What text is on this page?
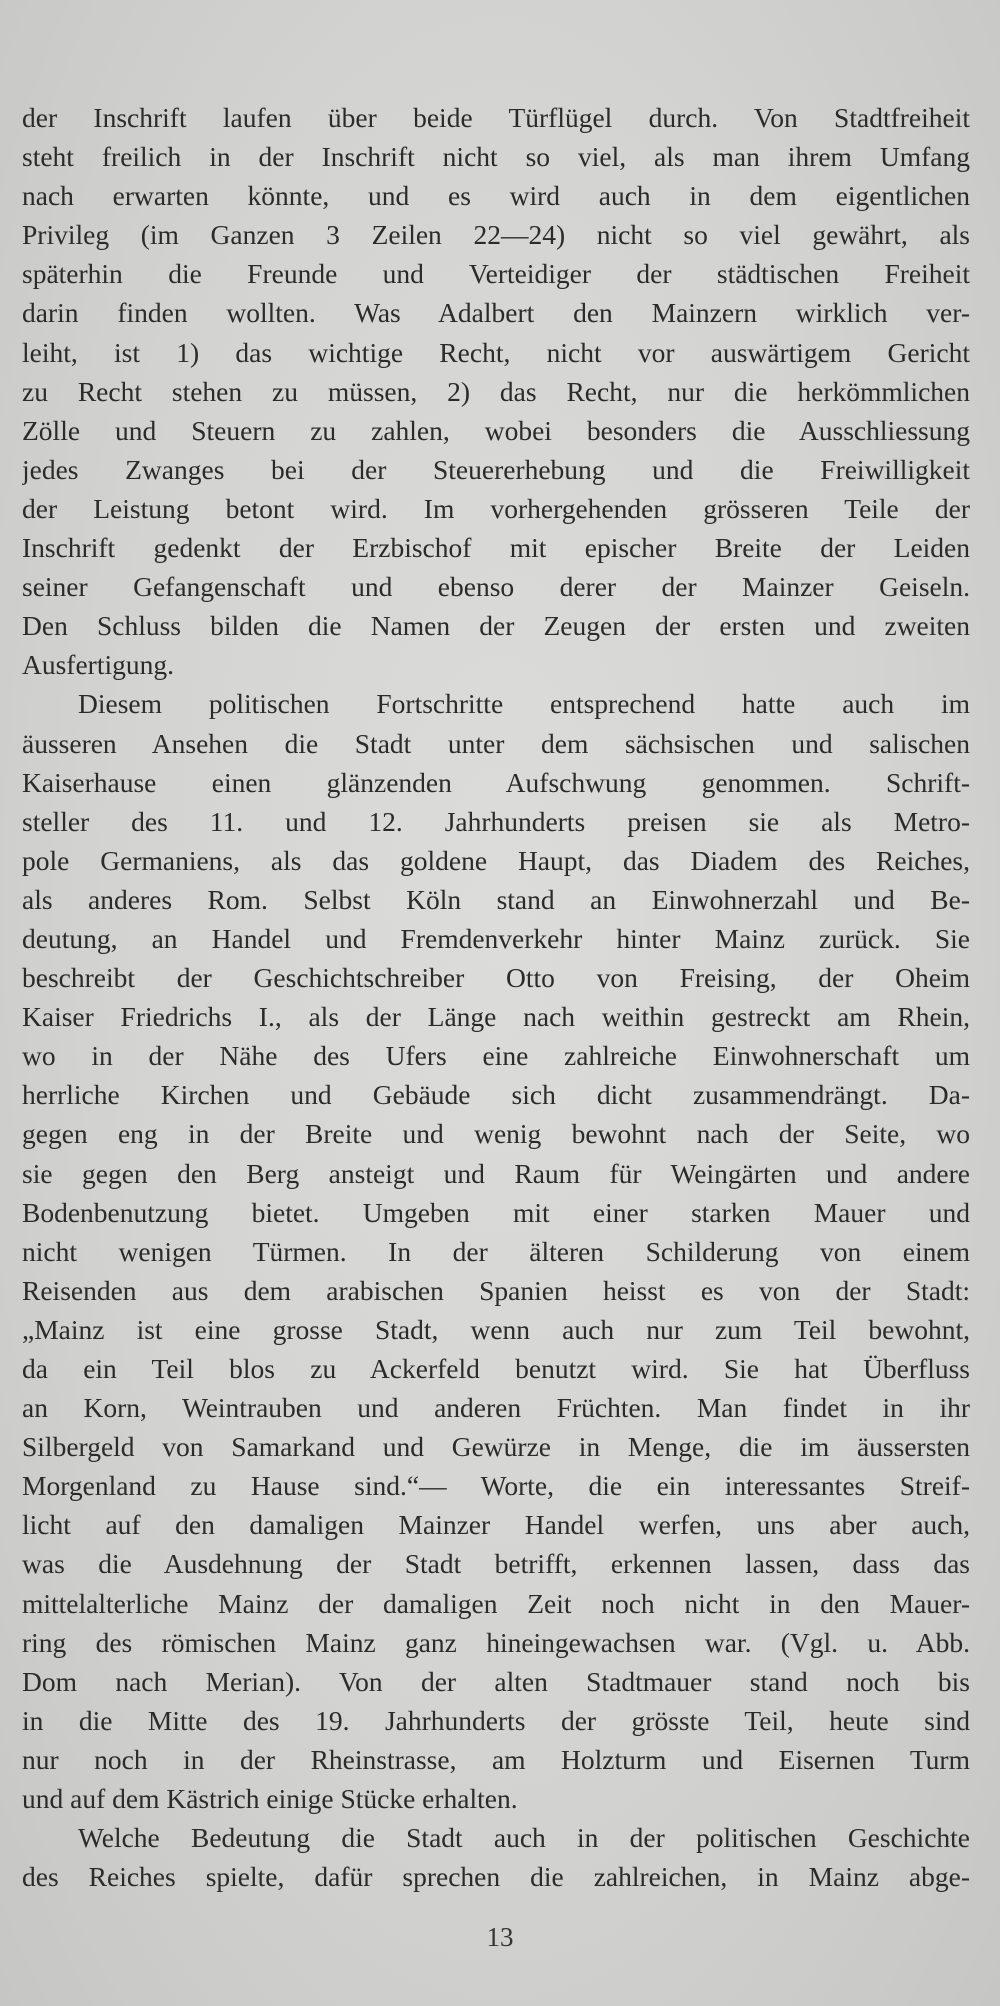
der Inschrift laufen über beide Türflügel durch. Von Stadtfreiheit
steht freilich in der Inschrift nicht so viel, als man ihrem Umfang
nach erwarten könnte, und es wird auch in dem eigentlichen
Privileg (im Ganzen 3 Zeilen 22—24) nicht so viel gewährt, als
späterhin die Freunde und Verteidiger der städtischen Freiheit
darin finden wollten. Was Adalbert den Mainzern wirklich ver-
leiht, ist 1) das wichtige Recht, nicht vor auswärtigem Gericht
zu Recht stehen zu müssen, 2) das Recht, nur die herkömmlichen
Zölle und Steuern zu zahlen, wobei besonders die Ausschliessung
jedes Zwanges bei der Steuererhebung und die Freiwilligkeit
der Leistung betont wird. Im vorhergehenden grösseren Teile der
Inschrift gedenkt der Erzbischof mit epischer Breite der Leiden
seiner Gefangenschaft und ebenso derer der Mainzer Geiseln.
Den Schluss bilden die Namen der Zeugen der ersten und zweiten
Ausfertigung.
Diesem politischen Fortschritte entsprechend hatte auch im
äusseren Ansehen die Stadt unter dem sächsischen und salischen
Kaiserhause einen glänzenden Aufschwung genommen. Schrift-
steller des 11. und 12. Jahrhunderts preisen sie als Metro-
pole Germaniens, als das goldene Haupt, das Diadem des Reiches,
als anderes Rom. Selbst Köln stand an Einwohnerzahl und Be-
deutung, an Handel und Fremdenverkehr hinter Mainz zurück. Sie
beschreibt der Geschichtschreiber Otto von Freising, der Oheim
Kaiser Friedrichs I., als der Länge nach weithin gestreckt am Rhein,
wo in der Nähe des Ufers eine zahlreiche Einwohnerschaft um
herrliche Kirchen und Gebäude sich dicht zusammendrängt. Da-
gegen eng in der Breite und wenig bewohnt nach der Seite, wo
sie gegen den Berg ansteigt und Raum für Weingärten und andere
Bodenbenutzung bietet. Umgeben mit einer starken Mauer und
nicht wenigen Türmen. In der älteren Schilderung von einem
Reisenden aus dem arabischen Spanien heisst es von der Stadt:
„Mainz ist eine grosse Stadt, wenn auch nur zum Teil bewohnt,
da ein Teil blos zu Ackerfeld benutzt wird. Sie hat Überfluss
an Korn, Weintrauben und anderen Früchten. Man findet in ihr
Silbergeld von Samarkand und Gewürze in Menge, die im äussersten
Morgenland zu Hause sind.“— Worte, die ein interessantes Streif-
licht auf den damaligen Mainzer Handel werfen, uns aber auch,
was die Ausdehnung der Stadt betrifft, erkennen lassen, dass das
mittelalterliche Mainz der damaligen Zeit noch nicht in den Mauer-
ring des römischen Mainz ganz hineingewachsen war. (Vgl. u. Abb.
Dom nach Merian). Von der alten Stadtmauer stand noch bis
in die Mitte des 19. Jahrhunderts der grösste Teil, heute sind
nur noch in der Rheinstrasse, am Holzturm und Eisernen Turm
und auf dem Kästrich einige Stücke erhalten.
Welche Bedeutung die Stadt auch in der politischen Geschichte
des Reiches spielte, dafür sprechen die zahlreichen, in Mainz abge-
13
